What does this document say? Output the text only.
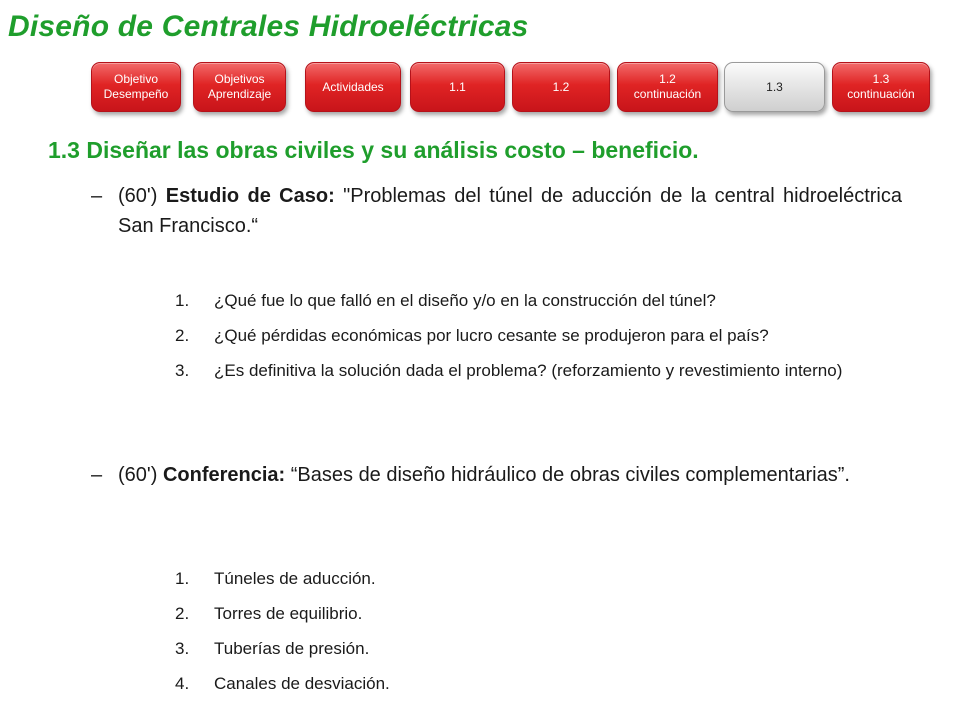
Diseño de Centrales Hidroeléctricas
Objetivo
Desempeño
Objetivos
Aprendizaje
Actividades	1.1	1.2
1.2
continuación
1.3
1.3
continuación
1.3 Diseñar las obras civiles y su análisis costo – beneficio.
– (60') Estudio de Caso: "Problemas del túnel de aducción de la central hidroeléctrica San Francisco.“
1. ¿Qué fue lo que falló en el diseño y/o en la construcción del túnel?
2. ¿Qué pérdidas económicas por lucro cesante se produjeron para el país?
3. ¿Es definitiva la solución dada el problema? (reforzamiento y revestimiento interno)
– (60') Conferencia: “Bases de diseño hidráulico de obras civiles complementarias”.
1. Túneles de aducción.
2. Torres de equilibrio.
3. Tuberías de presión.
4. Canales de desviación.
